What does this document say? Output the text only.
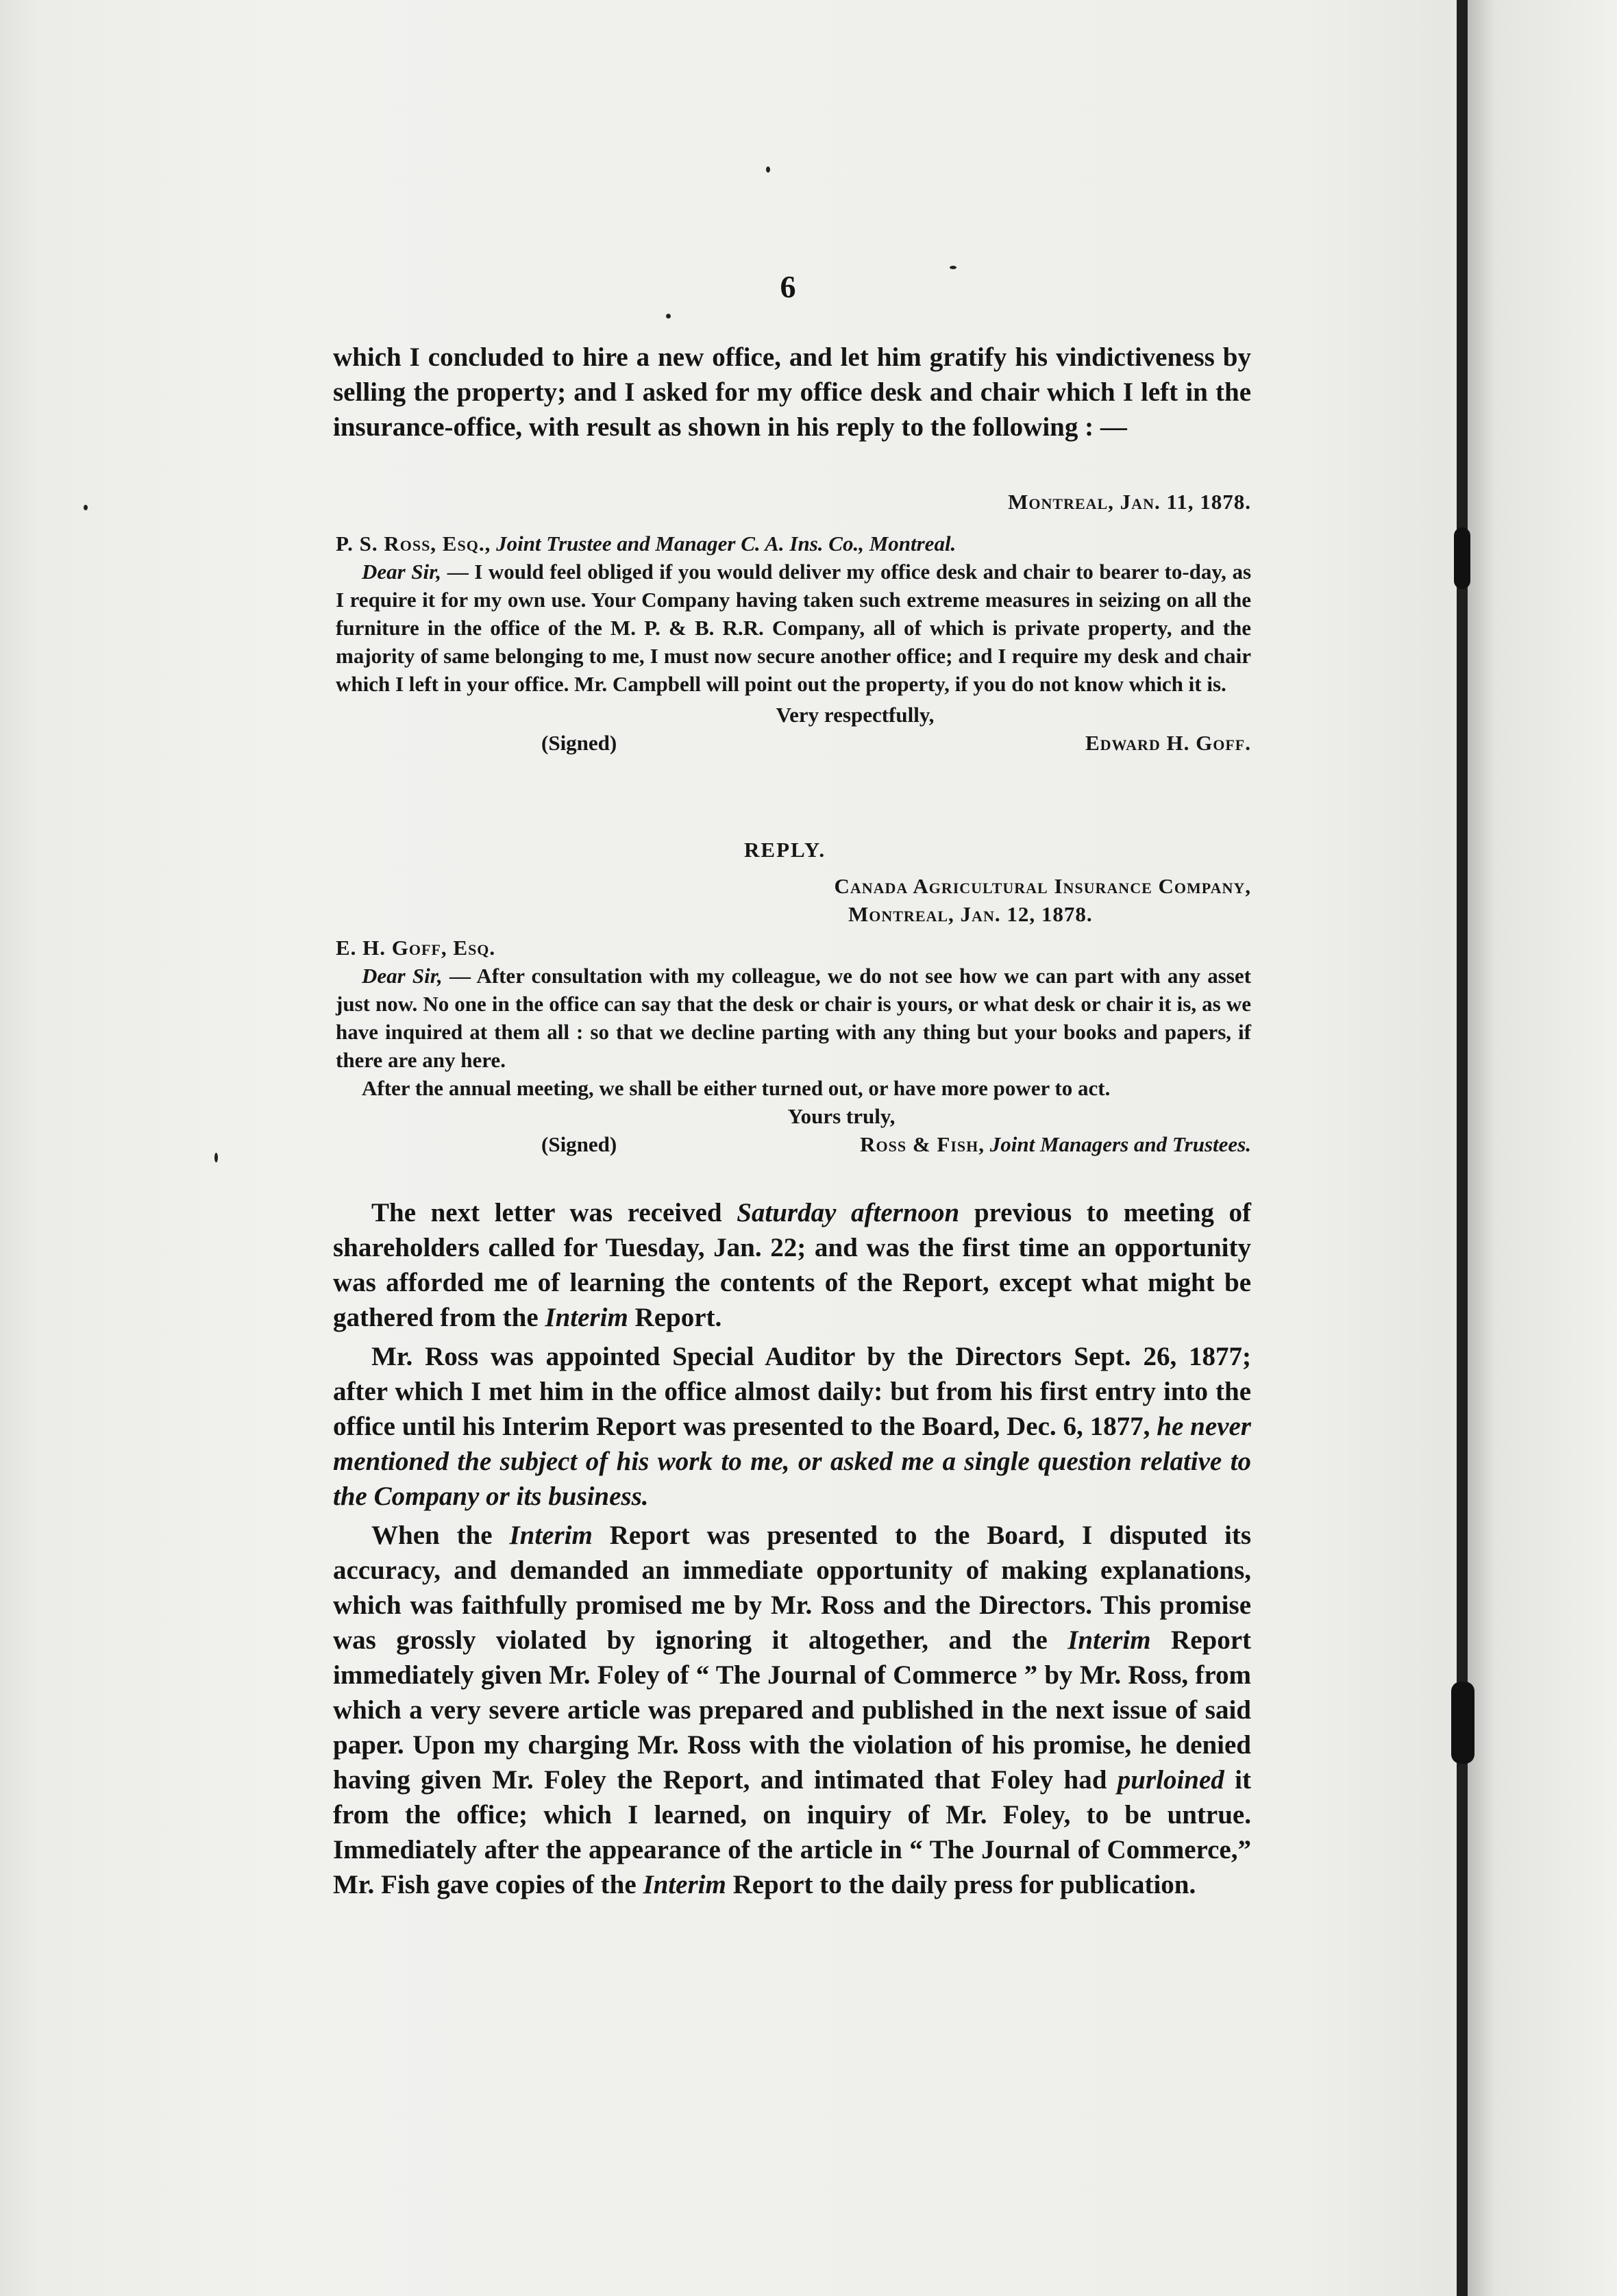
6

which I concluded to hire a new office, and let him gratify his vindictiveness by selling the property; and I asked for my office desk and chair which I left in the insurance-office, with result as shown in his reply to the following : —

Montreal, Jan. 11, 1878.

P. S. Ross, Esq., Joint Trustee and Manager C. A. Ins. Co., Montreal.

Dear Sir, — I would feel obliged if you would deliver my office desk and chair to bearer to-day, as I require it for my own use. Your Company having taken such extreme measures in seizing on all the furniture in the office of the M. P. & B. R.R. Company, all of which is private property, and the majority of same belonging to me, I must now secure another office; and I require my desk and chair which I left in your office. Mr. Campbell will point out the property, if you do not know which it is.

Very respectfully,

(Signed)	Edward H. Goff.

REPLY.

Canada Agricultural Insurance Company,

Montreal, Jan. 12, 1878.

E. H. Goff, Esq.

Dear Sir, — After consultation with my colleague, we do not see how we can part with any asset just now. No one in the office can say that the desk or chair is yours, or what desk or chair it is, as we have inquired at them all : so that we decline parting with any thing but your books and papers, if there are any here.

After the annual meeting, we shall be either turned out, or have more power to act.

Yours truly,

(Signed)	Ross & Fish, Joint Managers and Trustees.

The next letter was received Saturday afternoon previous to meeting of shareholders called for Tuesday, Jan. 22; and was the first time an opportunity was afforded me of learning the contents of the Report, except what might be gathered from the Interim Report.

Mr. Ross was appointed Special Auditor by the Directors Sept. 26, 1877; after which I met him in the office almost daily: but from his first entry into the office until his Interim Report was presented to the Board, Dec. 6, 1877, he never mentioned the subject of his work to me, or asked me a single question relative to the Company or its business.

When the Interim Report was presented to the Board, I disputed its accuracy, and demanded an immediate opportunity of making explanations, which was faithfully promised me by Mr. Ross and the Directors. This promise was grossly violated by ignoring it altogether, and the Interim Report immediately given Mr. Foley of “ The Journal of Commerce ” by Mr. Ross, from which a very severe article was prepared and published in the next issue of said paper. Upon my charging Mr. Ross with the violation of his promise, he denied having given Mr. Foley the Report, and intimated that Foley had purloined it from the office; which I learned, on inquiry of Mr. Foley, to be untrue. Immediately after the appearance of the article in “ The Journal of Commerce,” Mr. Fish gave copies of the Interim Report to the daily press for publication.
